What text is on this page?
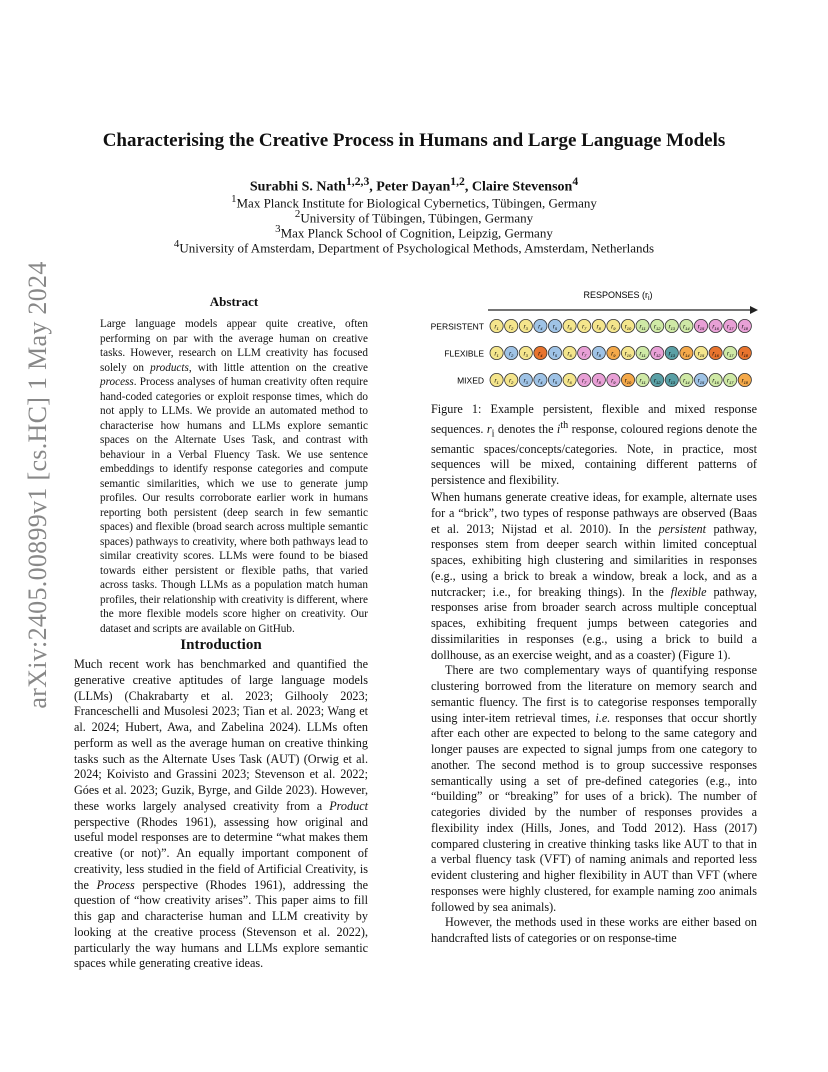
arXiv:2405.00899v1 [cs.HC] 1 May 2024
Characterising the Creative Process in Humans and Large Language Models
Surabhi S. Nath$^{1,2,3}$, Peter Dayan$^{1,2}$, Claire Stevenson$^4$
$^1$Max Planck Institute for Biological Cybernetics, Tübingen, Germany
$^2$University of Tübingen, Tübingen, Germany
$^3$Max Planck School of Cognition, Leipzig, Germany
$^4$University of Amsterdam, Department of Psychological Methods, Amsterdam, Netherlands
Abstract
Large language models appear quite creative, often performing on par with the average human on creative tasks. However, research on LLM creativity has focused solely on products, with little attention on the creative process. Process analyses of human creativity often require hand-coded categories or exploit response times, which do not apply to LLMs. We provide an automated method to characterise how humans and LLMs explore semantic spaces on the Alternate Uses Task, and contrast with behaviour in a Verbal Fluency Task. We use sentence embeddings to identify response categories and compute semantic similarities, which we use to generate jump profiles. Our results corroborate earlier work in humans reporting both persistent (deep search in few semantic spaces) and flexible (broad search across multiple semantic spaces) pathways to creativity, where both pathways lead to similar creativity scores. LLMs were found to be biased towards either persistent or flexible paths, that varied across tasks. Though LLMs as a population match human profiles, their relationship with creativity is different, where the more flexible models score higher on creativity. Our dataset and scripts are available on GitHub.
Introduction

Much recent work has benchmarked and quantified the generative creative aptitudes of large language models (LLMs) (Chakrabarty et al. 2023; Gilhooly 2023; Franceschelli and Musolesi 2023; Tian et al. 2023; Wang et al. 2024; Hubert, Awa, and Zabelina 2024). LLMs often perform as well as the average human on creative thinking tasks such as the Alternate Uses Task (AUT) (Orwig et al. 2024; Koivisto and Grassini 2023; Stevenson et al. 2022; Góes et al. 2023; Guzik, Byrge, and Gilde 2023). However, these works largely analysed creativity from a Product perspective (Rhodes 1961), assessing how original and useful model responses are to determine “what makes them creative (or not)”. An equally important component of creativity, less studied in the field of Artificial Creativity, is the Process perspective (Rhodes 1961), addressing the question of “how creativity arises”. This paper aims to fill this gap and characterise human and LLM creativity by looking at the creative process (Stevenson et al. 2022), particularly the way humans and LLMs explore semantic spaces while generating creative ideas.

RESPONSES $(r_i)$
PERSISTENT $r_1$ $r_2$ $r_3$ $r_4$ $r_5$ $r_6$ $r_7$ $r_8$ $r_9$ $r_{10}$ $r_{11}$ $r_{12}$ $r_{13}$ $r_{14}$ $r_{15}$ $r_{16}$ $r_{17}$ $r_{18}$
FLEXIBLE $r_1$ $r_2$ $r_3$ $r_4$ $r_5$ $r_6$ $r_7$ $r_8$ $r_9$ $r_{10}$ $r_{11}$ $r_{12}$ $r_{13}$ $r_{14}$ $r_{15}$ $r_{16}$ $r_{17}$ $r_{18}$
MIXED $r_1$ $r_2$ $r_3$ $r_4$ $r_5$ $r_6$ $r_7$ $r_8$ $r_9$ $r_{10}$ $r_{11}$ $r_{12}$ $r_{13}$ $r_{14}$ $r_{15}$ $r_{16}$ $r_{17}$ $r_{18}$
Figure 1: Example persistent, flexible and mixed response sequences. $r_i$ denotes the $i^{th}$ response, coloured regions denote the semantic spaces/concepts/categories. Note, in practice, most sequences will be mixed, containing different patterns of persistence and flexibility.

When humans generate creative ideas, for example, alternate uses for a “brick”, two types of response pathways are observed (Baas et al. 2013; Nijstad et al. 2010). In the persistent pathway, responses stem from deeper search within limited conceptual spaces, exhibiting high clustering and similarities in responses (e.g., using a brick to break a window, break a lock, and as a nutcracker; i.e., for breaking things). In the flexible pathway, responses arise from broader search across multiple conceptual spaces, exhibiting frequent jumps between categories and dissimilarities in responses (e.g., using a brick to build a dollhouse, as an exercise weight, and as a coaster) (Figure 1).

There are two complementary ways of quantifying response clustering borrowed from the literature on memory search and semantic fluency. The first is to categorise responses temporally using inter-item retrieval times, i.e. responses that occur shortly after each other are expected to belong to the same category and longer pauses are expected to signal jumps from one category to another. The second method is to group successive responses semantically using a set of pre-defined categories (e.g., into “building” or “breaking” for uses of a brick). The number of categories divided by the number of responses provides a flexibility index (Hills, Jones, and Todd 2012). Hass (2017) compared clustering in creative thinking tasks like AUT to that in a verbal fluency task (VFT) of naming animals and reported less evident clustering and higher flexibility in AUT than VFT (where responses were highly clustered, for example naming zoo animals followed by sea animals).

However, the methods used in these works are either based on handcrafted lists of categories or on response-time
